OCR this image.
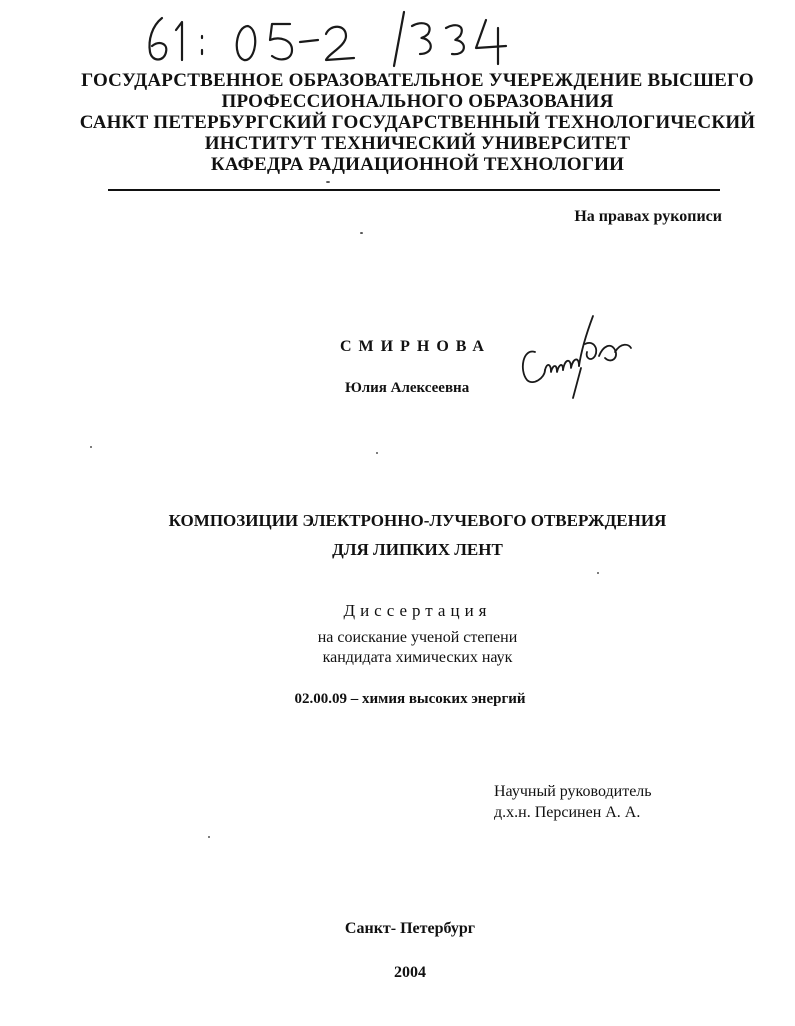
ГОСУДАРСТВЕННОЕ ОБРАЗОВАТЕЛЬНОЕ УЧЕРЕЖДЕНИЕ ВЫСШЕГО
ПРОФЕССИОНАЛЬНОГО ОБРАЗОВАНИЯ
САНКТ ПЕТЕРБУРГСКИЙ ГОСУДАРСТВЕННЫЙ ТЕХНОЛОГИЧЕСКИЙ
ИНСТИТУТ ТЕХНИЧЕСКИЙ УНИВЕРСИТЕТ
КАФЕДРА РАДИАЦИОННОЙ ТЕХНОЛОГИИ
На правах рукописи
СМИРНОВА
Юлия Алексеевна
КОМПОЗИЦИИ ЭЛЕКТРОННО-ЛУЧЕВОГО ОТВЕРЖДЕНИЯ
ДЛЯ ЛИПКИХ ЛЕНТ
Диссертация
на соискание ученой степени
кандидата химических наук
02.00.09 – химия высоких энергий
Научный руководитель
д.х.н. Персинен А. А.
Санкт- Петербург
2004
